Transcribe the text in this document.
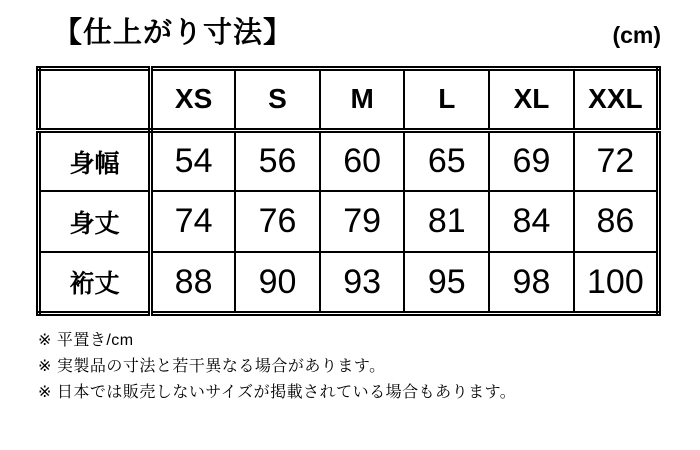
【仕上がり寸法】	(cm)
	XS	S	M	L	XL	XXL
身幅	54	56	60	65	69	72
身丈	74	76	79	81	84	86
裄丈	88	90	93	95	98	100

※ 平置き/cm

※ 実製品の寸法と若干異なる場合があります。

※ 日本では販売しないサイズが掲載されている場合もあります。
